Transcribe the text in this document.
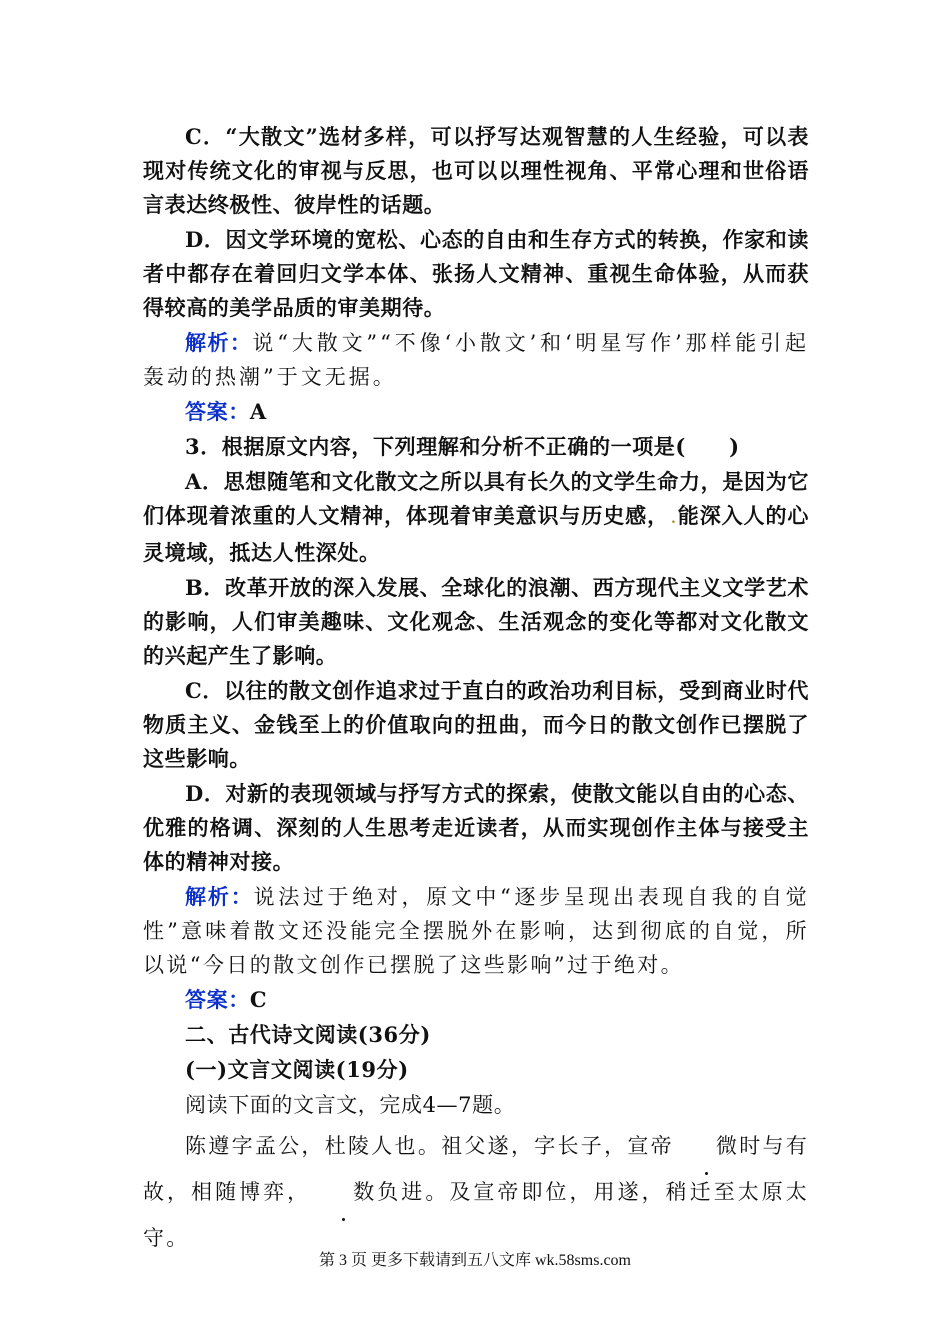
C．“大散文”选材多样，可以抒写达观智慧的人生经验，可以表现对传统文化的审视与反思，也可以以理性视角、平常心理和世俗语言表达终极性、彼岸性的话题。

D．因文学环境的宽松、心态的自由和生存方式的转换，作家和读者中都存在着回归文学本体、张扬人文精神、重视生命体验，从而获得较高的美学品质的审美期待。

解析：说“大散文”“不像‘小散文’和‘明星写作’那样能引起轰动的热潮”于文无据。

答案：A

3．根据原文内容，下列理解和分析不正确的一项是(　　)

A．思想随笔和文化散文之所以具有长久的文学生命力，是因为它们体现着浓重的人文精神，体现着审美意识与历史感， .能深入人的心灵境域，抵达人性深处。

B．改革开放的深入发展、全球化的浪潮、西方现代主义文学艺术的影响，人们审美趣味、文化观念、生活观念的变化等都对文化散文的兴起产生了影响。

C．以往的散文创作追求过于直白的政治功利目标，受到商业时代物质主义、金钱至上的价值取向的扭曲，而今日的散文创作已摆脱了这些影响。

D．对新的表现领域与抒写方式的探索，使散文能以自由的心态、优雅的格调、深刻的人生思考走近读者，从而实现创作主体与接受主体的精神对接。

解析：说法过于绝对，原文中“逐步呈现出表现自我的自觉性”意味着散文还没能完全摆脱外在影响，达到彻底的自觉，所以说“今日的散文创作已摆脱了这些影响”过于绝对。

答案：C

二、古代诗文阅读(36分)

(一)文言文阅读(19分)

阅读下面的文言文，完成4—7题。

陈遵字孟公，杜陵人也。祖父遂，字长子，宣帝 微时与有故，相随博弈， 数负进。及宣帝即位，用遂，稍迁至太原太守。

第 3 页 更多下载请到五八文库 wk.58sms.com
